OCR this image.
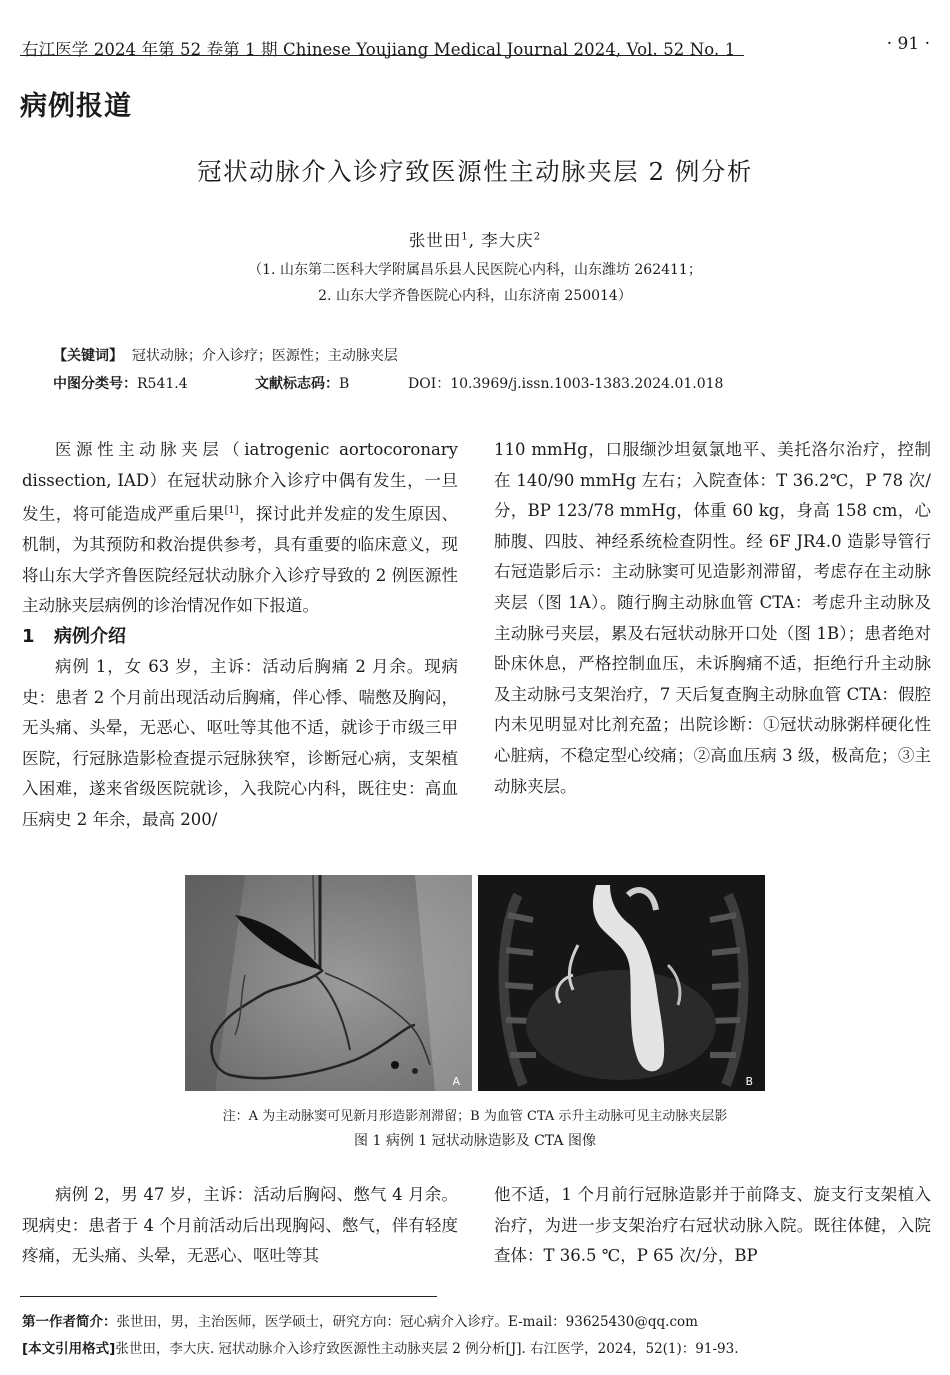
右江医学 2024 年第 52 卷第 1 期 Chinese Youjiang Medical Journal 2024, Vol. 52 No. 1	· 91 ·
病例报道
冠状动脉介入诊疗致医源性主动脉夹层 2 例分析
张世田$^1$, 李大庆$^2$
（1. 山东第二医科大学附属昌乐县人民医院心内科，山东潍坊 262411；
2. 山东大学齐鲁医院心内科，山东济南 250014）
【关键词】 冠状动脉；介入诊疗；医源性；主动脉夹层
中图分类号：R541.4	文献标志码：B	DOI：10.3969/j.issn.1003-1383.2024.01.018

医源性主动脉夹层（iatrogenic aortocoronary dissection, IAD）在冠状动脉介入诊疗中偶有发生，一旦发生，将可能造成严重后果[1]，探讨此并发症的发生原因、机制，为其预防和救治提供参考，具有重要的临床意义，现将山东大学齐鲁医院经冠状动脉介入诊疗导致的 2 例医源性主动脉夹层病例的诊治情况作如下报道。

1 病例介绍

病例 1，女 63 岁，主诉：活动后胸痛 2 月余。现病史：患者 2 个月前出现活动后胸痛，伴心悸、喘憋及胸闷，无头痛、头晕，无恶心、呕吐等其他不适，就诊于市级三甲医院，行冠脉造影检查提示冠脉狭窄，诊断冠心病，支架植入困难，遂来省级医院就诊，入我院心内科，既往史：高血压病史 2 年余，最高 200/

110 mmHg，口服缬沙坦氨氯地平、美托洛尔治疗，控制在 140/90 mmHg 左右；入院查体：T 36.2℃，P 78 次/分，BP 123/78 mmHg，体重 60 kg，身高 158 cm，心肺腹、四肢、神经系统检查阴性。经 6F JR4.0 造影导管行右冠造影后示：主动脉窦可见造影剂滞留，考虑存在主动脉夹层（图 1A）。随行胸主动脉血管 CTA：考虑升主动脉及主动脉弓夹层，累及右冠状动脉开口处（图 1B）；患者绝对卧床休息，严格控制血压，未诉胸痛不适，拒绝行升主动脉及主动脉弓支架治疗，7 天后复查胸主动脉血管 CTA：假腔内未见明显对比剂充盈；出院诊断：①冠状动脉粥样硬化性心脏病，不稳定型心绞痛；②高血压病 3 级，极高危；③主动脉夹层。

A	B
注：A 为主动脉窦可见新月形造影剂滞留；B 为血管 CTA 示升主动脉可见主动脉夹层影
图 1 病例 1 冠状动脉造影及 CTA 图像

病例 2，男 47 岁，主诉：活动后胸闷、憋气 4 月余。现病史：患者于 4 个月前活动后出现胸闷、憋气，伴有轻度疼痛，无头痛、头晕，无恶心、呕吐等其

他不适，1 个月前行冠脉造影并于前降支、旋支行支架植入治疗，为进一步支架治疗右冠状动脉入院。既往体健，入院查体：T 36.5 ℃，P 65 次/分，BP

第一作者简介：张世田，男，主治医师，医学硕士，研究方向：冠心病介入诊疗。E-mail：93625430@qq.com
[本文引用格式]张世田，李大庆. 冠状动脉介入诊疗致医源性主动脉夹层 2 例分析[J]. 右江医学，2024，52(1)：91-93.
